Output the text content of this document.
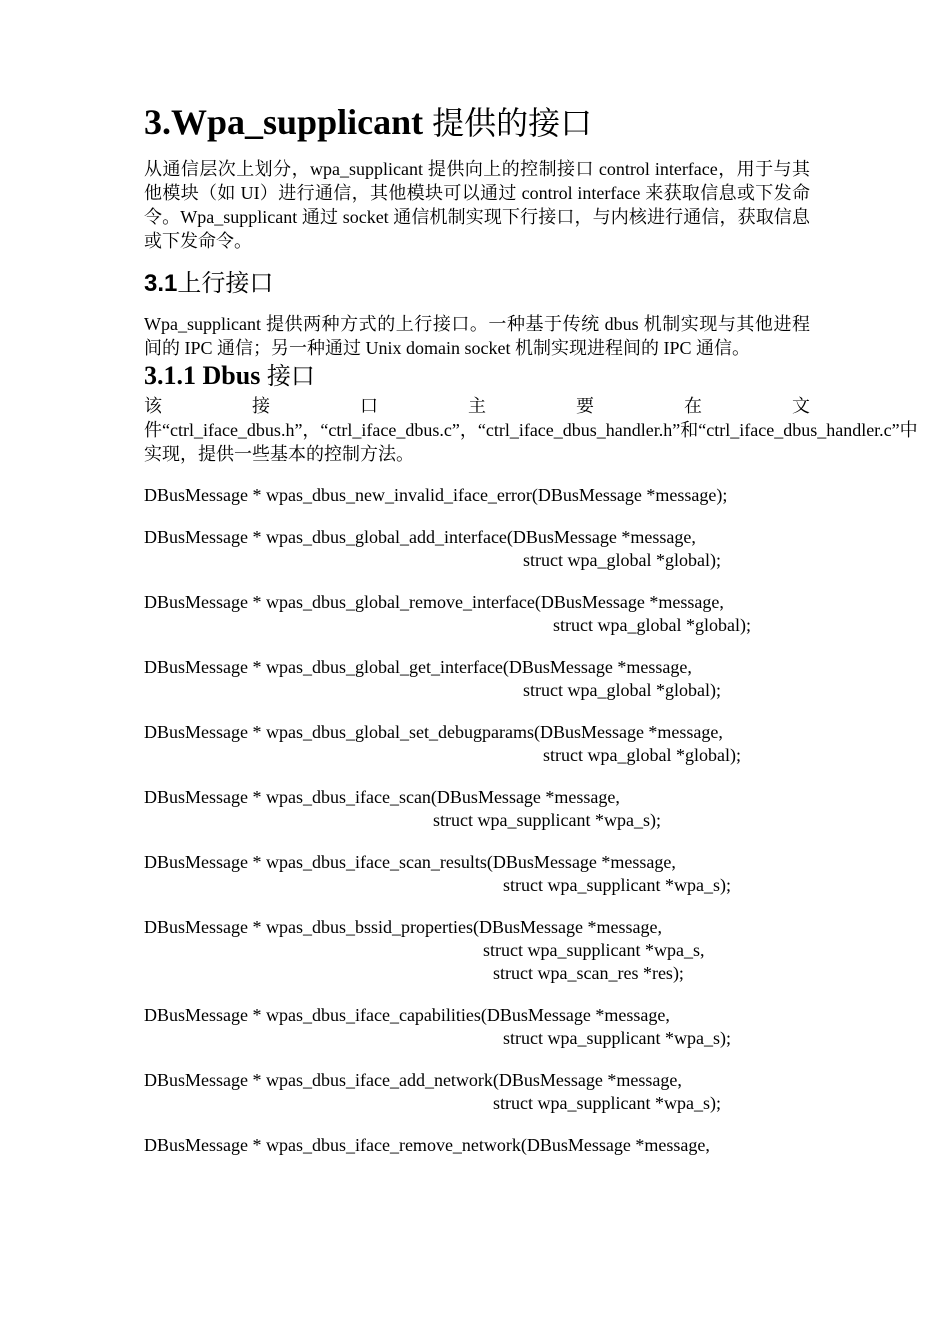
3.Wpa_supplicant 提供的接口

从通信层次上划分，wpa_supplicant 提供向上的控制接口 control interface，用于与其他模块（如 UI）进行通信，其他模块可以通过 control interface 来获取信息或下发命令。Wpa_supplicant 通过 socket 通信机制实现下行接口，与内核进行通信，获取信息或下发命令。

3.1上行接口

Wpa_supplicant 提供两种方式的上行接口。一种基于传统 dbus 机制实现与其他进程间的 IPC 通信；另一种通过 Unix domain socket 机制实现进程间的 IPC 通信。

3.1.1 Dbus 接口

该接口主要在文件“ctrl_iface_dbus.h”，“ctrl_iface_dbus.c”，“ctrl_iface_dbus_handler.h”和“ctrl_iface_dbus_handler.c”中实现，提供一些基本的控制方法。

DBusMessage * wpas_dbus_new_invalid_iface_error(DBusMessage *message);
DBusMessage * wpas_dbus_global_add_interface(DBusMessage *message,
struct wpa_global *global);
DBusMessage * wpas_dbus_global_remove_interface(DBusMessage *message,
struct wpa_global *global);
DBusMessage * wpas_dbus_global_get_interface(DBusMessage *message,
struct wpa_global *global);
DBusMessage * wpas_dbus_global_set_debugparams(DBusMessage *message,
struct wpa_global *global);
DBusMessage * wpas_dbus_iface_scan(DBusMessage *message,
struct wpa_supplicant *wpa_s);
DBusMessage * wpas_dbus_iface_scan_results(DBusMessage *message,
struct wpa_supplicant *wpa_s);
DBusMessage * wpas_dbus_bssid_properties(DBusMessage *message,
struct wpa_supplicant *wpa_s,
struct wpa_scan_res *res);
DBusMessage * wpas_dbus_iface_capabilities(DBusMessage *message,
struct wpa_supplicant *wpa_s);
DBusMessage * wpas_dbus_iface_add_network(DBusMessage *message,
struct wpa_supplicant *wpa_s);
DBusMessage * wpas_dbus_iface_remove_network(DBusMessage *message,
